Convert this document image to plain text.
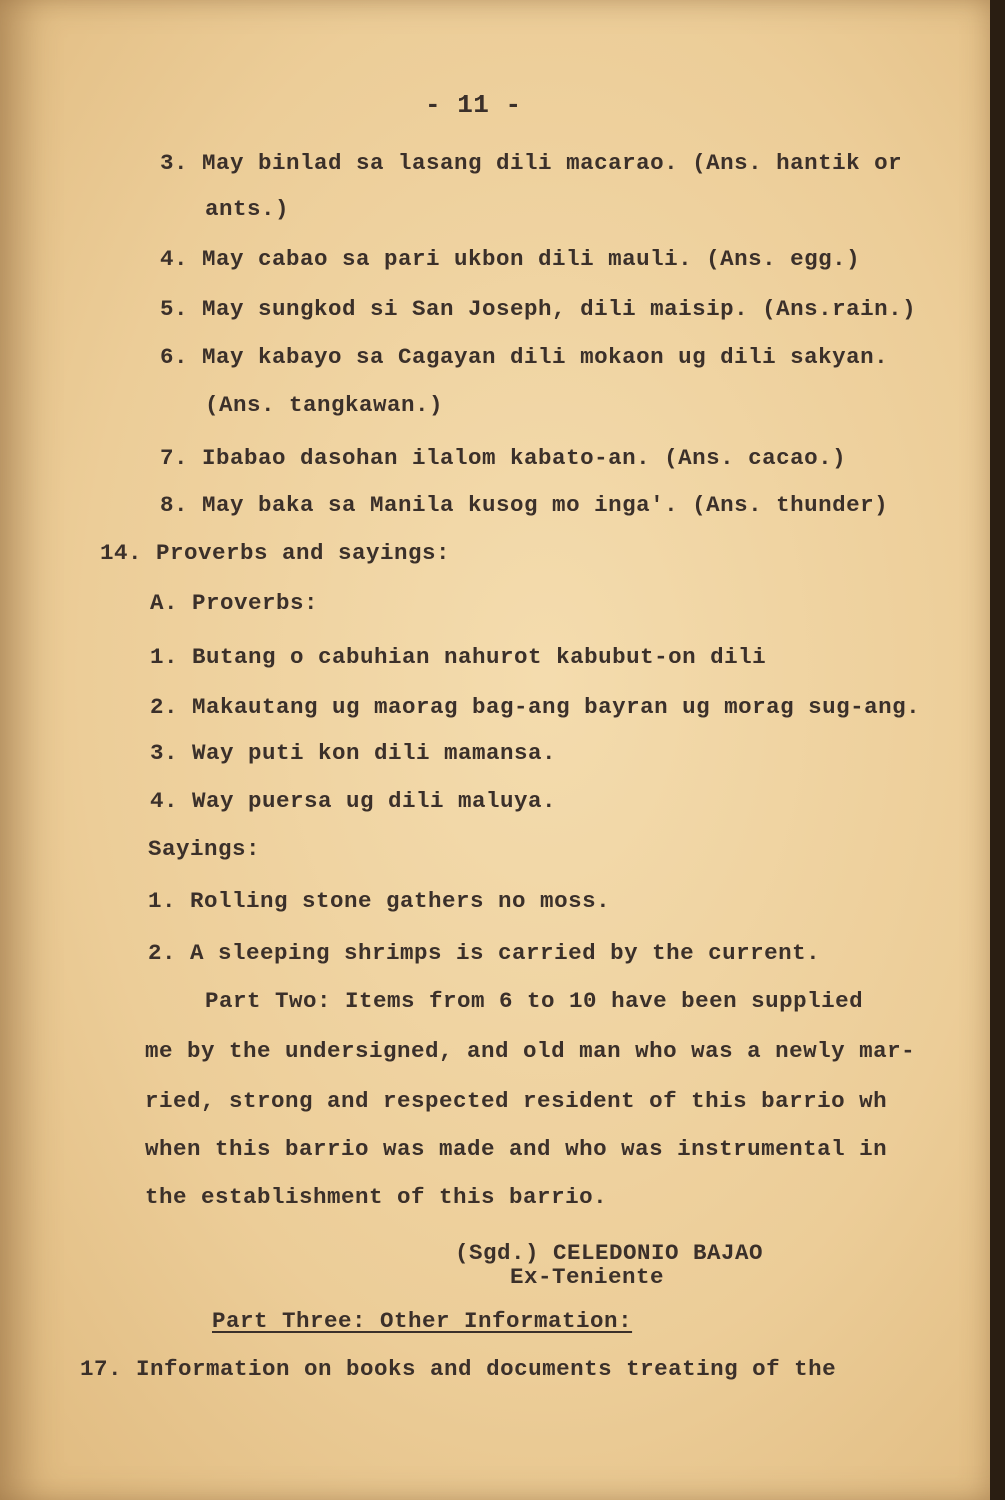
- 11 -

3. May binlad sa lasang dili macarao. (Ans. hantik or

ants.)

4. May cabao sa pari ukbon dili mauli. (Ans. egg.)

5. May sungkod si San Joseph, dili maisip. (Ans.rain.)

6. May kabayo sa Cagayan dili mokaon ug dili sakyan.

(Ans. tangkawan.)

7. Ibabao dasohan ilalom kabato-an. (Ans. cacao.)

8. May baka sa Manila kusog mo inga'. (Ans. thunder)

14. Proverbs and sayings:

A. Proverbs:

1. Butang o cabuhian nahurot kabubut-on dili

2. Makautang ug maorag bag-ang bayran ug morag sug-ang.

3. Way puti kon dili mamansa.

4. Way puersa ug dili maluya.

Sayings:

1. Rolling stone gathers no moss.

2. A sleeping shrimps is carried by the current.

Part Two: Items from 6 to 10 have been supplied

me by the undersigned, and old man who was a newly mar-

ried, strong and respected resident of this barrio wh

when this barrio was made and who was instrumental in

the establishment of this barrio.

(Sgd.) CELEDONIO BAJAO

Ex-Teniente

Part Three: Other Information:

17. Information on books and documents treating of the
